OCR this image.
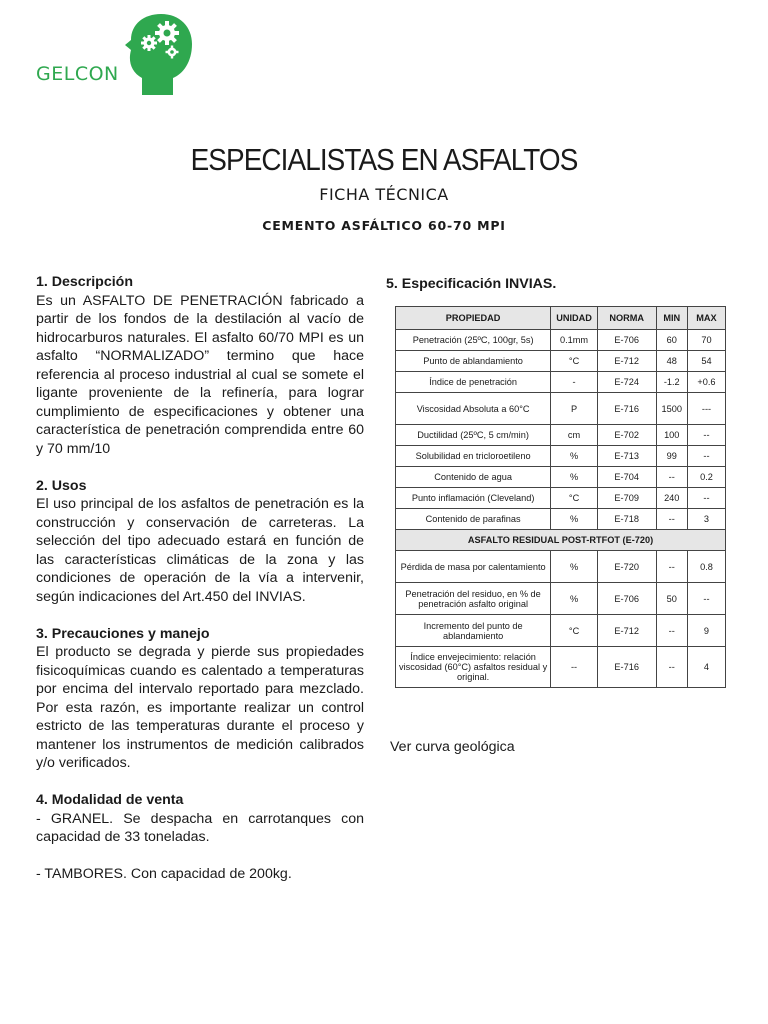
GELCON
ESPECIALISTAS EN ASFALTOS
FICHA TÉCNICA
CEMENTO ASFÁLTICO 60-70 MPI
1. Descripción
Es un ASFALTO DE PENETRACIÓN fabricado a partir de los fondos de la destilación al vacío de hidrocarburos naturales. El asfalto 60/70 MPI es un asfalto “NORMALIZADO” termino que hace referencia al proceso industrial al cual se somete el ligante proveniente de la refinería, para lograr cumplimiento de especificaciones y obtener una característica de penetración comprendida entre 60 y 70 mm/10
2. Usos
El uso principal de los asfaltos de penetración es la construcción y conservación de carreteras. La selección del tipo adecuado estará en función de las características climáticas de la zona y las condiciones de operación de la vía a intervenir, según indicaciones del Art.450 del INVIAS.
3. Precauciones y manejo
El producto se degrada y pierde sus propiedades fisicoquímicas cuando es calentado a temperaturas por encima del intervalo reportado para mezclado. Por esta razón, es importante realizar un control estricto de las temperaturas durante el proceso y mantener los instrumentos de medición calibrados y/o verificados.
4. Modalidad de venta
- GRANEL. Se despacha en carrotanques con capacidad de 33 toneladas.
- TAMBORES. Con capacidad de 200kg.
5. Especificación INVIAS.
PROPIEDAD	UNIDAD	NORMA	MIN	MAX
Penetración (25ºC, 100gr, 5s)	0.1mm	E-706	60	70
Punto de ablandamiento	°C	E-712	48	54
Índice de penetración	-	E-724	-1.2	+0.6
Viscosidad Absoluta a 60°C	P	E-716	1500	---
Ductilidad (25ºC, 5 cm/min)	cm	E-702	100	--
Solubilidad en tricloroetileno	%	E-713	99	--
Contenido de agua	%	E-704	--	0.2
Punto inflamación (Cleveland)	°C	E-709	240	--
Contenido de parafinas	%	E-718	--	3
ASFALTO RESIDUAL POST-RTFOT (E-720)				
Pérdida de masa por calentamiento	%	E-720	--	0.8
Penetración del residuo, en % de penetración asfalto original	%	E-706	50	--
Incremento del punto de ablandamiento	°C	E-712	--	9
Índice envejecimiento: relación viscosidad (60°C) asfaltos residual y original.	--	E-716	--	4
Ver curva geológica
